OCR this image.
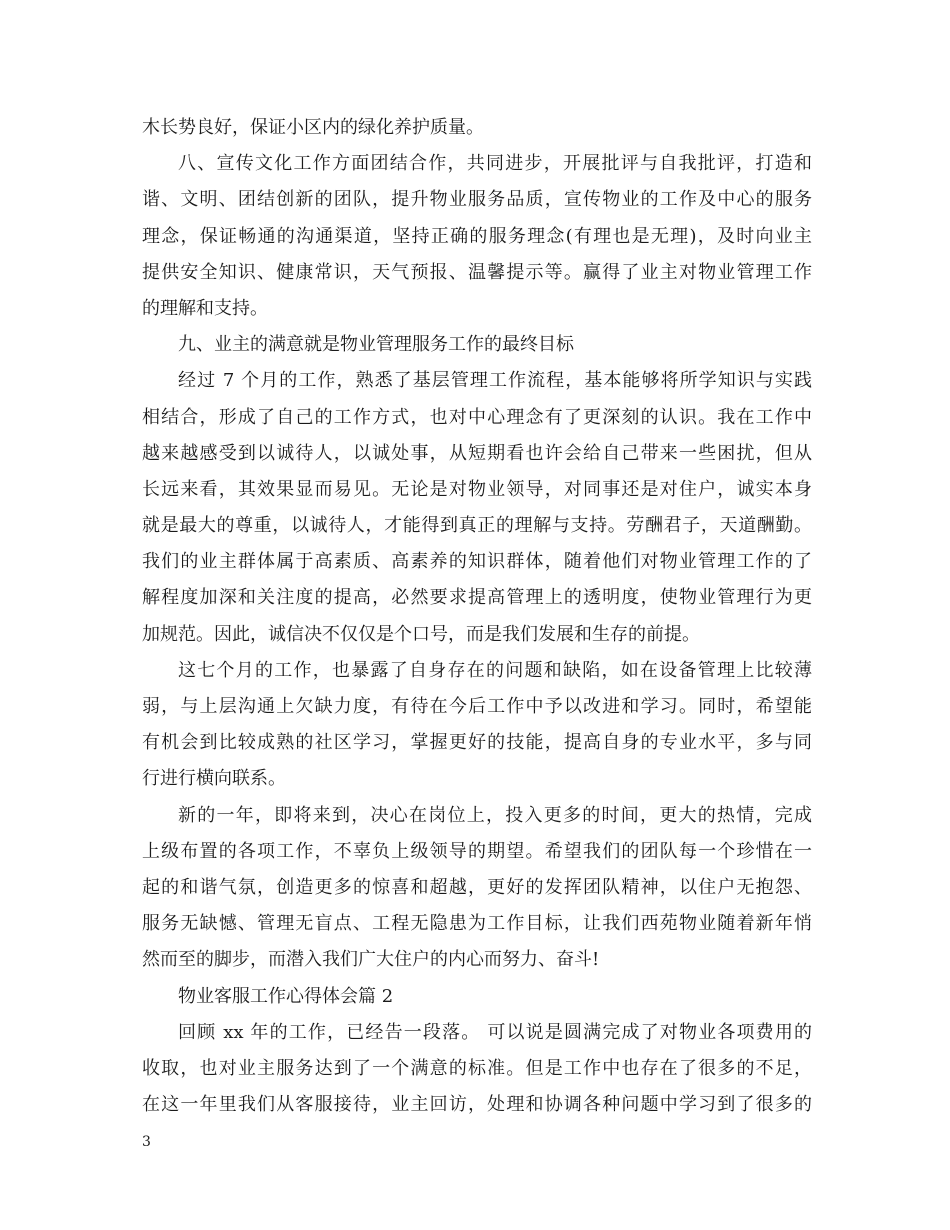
木长势良好，保证小区内的绿化养护质量。
八、宣传文化工作方面团结合作，共同进步，开展批评与自我批评，打造和
谐、文明、团结创新的团队，提升物业服务品质，宣传物业的工作及中心的服务
理念，保证畅通的沟通渠道，坚持正确的服务理念(有理也是无理)，及时向业主
提供安全知识、健康常识，天气预报、温馨提示等。赢得了业主对物业管理工作
的理解和支持。
九、业主的满意就是物业管理服务工作的最终目标
经过 7 个月的工作，熟悉了基层管理工作流程，基本能够将所学知识与实践
相结合，形成了自己的工作方式，也对中心理念有了更深刻的认识。我在工作中
越来越感受到以诚待人，以诚处事，从短期看也许会给自己带来一些困扰，但从
长远来看，其效果显而易见。无论是对物业领导，对同事还是对住户，诚实本身
就是最大的尊重，以诚待人，才能得到真正的理解与支持。劳酬君子，天道酬勤。
我们的业主群体属于高素质、高素养的知识群体，随着他们对物业管理工作的了
解程度加深和关注度的提高，必然要求提高管理上的透明度，使物业管理行为更
加规范。因此，诚信决不仅仅是个口号，而是我们发展和生存的前提。
这七个月的工作，也暴露了自身存在的问题和缺陷，如在设备管理上比较薄
弱，与上层沟通上欠缺力度，有待在今后工作中予以改进和学习。同时，希望能
有机会到比较成熟的社区学习，掌握更好的技能，提高自身的专业水平，多与同
行进行横向联系。
新的一年，即将来到，决心在岗位上，投入更多的时间，更大的热情，完成
上级布置的各项工作，不辜负上级领导的期望。希望我们的团队每一个珍惜在一
起的和谐气氛，创造更多的惊喜和超越，更好的发挥团队精神，以住户无抱怨、
服务无缺憾、管理无盲点、工程无隐患为工作目标，让我们西苑物业随着新年悄
然而至的脚步，而潜入我们广大住户的内心而努力、奋斗!
物业客服工作心得体会篇 2
回顾 xx 年的工作，已经告一段落。 可以说是圆满完成了对物业各项费用的
收取，也对业主服务达到了一个满意的标准。但是工作中也存在了很多的不足，
在这一年里我们从客服接待，业主回访，处理和协调各种问题中学习到了很多的
3
